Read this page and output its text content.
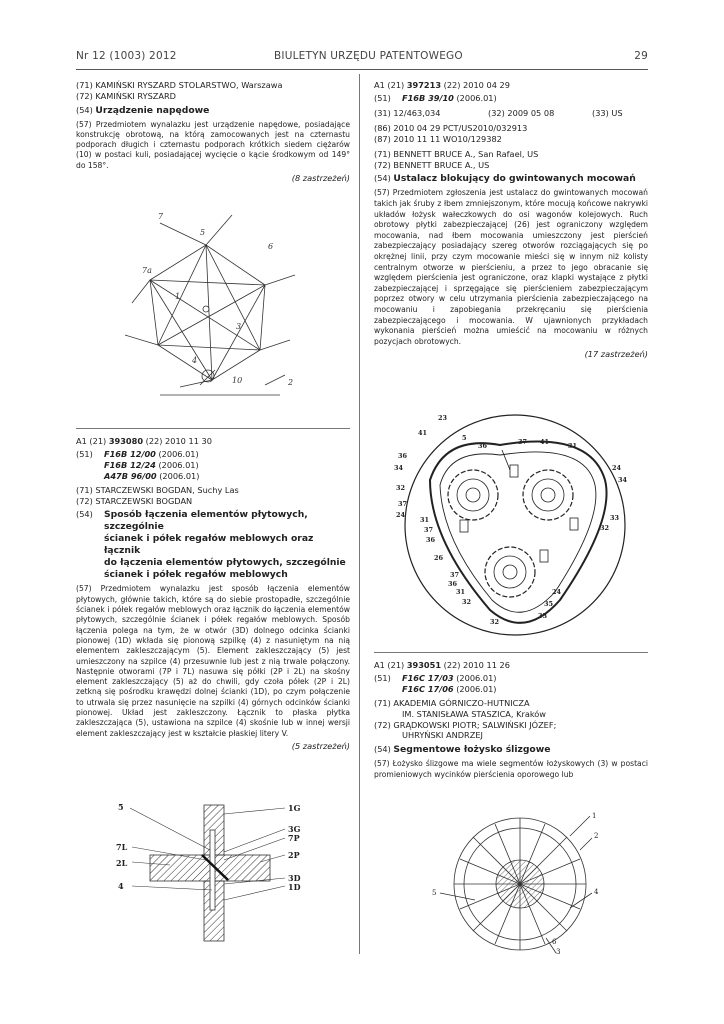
Nr 12 (1003) 2012	BIULETYN URZĘDU PATENTOWEGO	29
(71) KAMIŃSKI RYSZARD STOLARSTWO, Warszawa
(72) KAMIŃSKI RYSZARD
(54) Urządzenie napędowe
(57) Przedmiotem wynalazku jest urządzenie napędowe, posiadające konstrukcję obrotową, na którą zamocowanych jest na czternastu podporach długich i czternastu podporach krótkich siedem ciężarów (10) w postaci kuli, posiadającej wycięcie o kącie środkowym od 149° do 158°.
(8 zastrzeżeń)
7
7a
5
6
1
3
4
10	2
A1 (21) 393080 (22) 2010 11 30
(51) F16B 12/00 (2006.01)
F16B 12/24 (2006.01)
A47B 96/00 (2006.01)
(71) STARCZEWSKI BOGDAN, Suchy Las
(72) STARCZEWSKI BOGDAN
(54) Sposób łączenia elementów płytowych, szczególnie
ścianek i półek regałów meblowych oraz łącznik
do łączenia elementów płytowych, szczególnie
ścianek i półek regałów meblowych
(57) Przedmiotem wynalazku jest sposób łączenia elementów płytowych, głównie takich, które są do siebie prostopadłe, szczególnie ścianek i półek regałów meblowych oraz łącznik do łączenia elementów płytowych, szczególnie ścianek i półek regałów meblowych. Sposób łączenia polega na tym, że w otwór (3D) dolnego odcinka ścianki pionowej (1D) wkłada się pionową szpilkę (4) z nasuniętym na nią elementem zakleszczającym (5). Element zakleszczający (5) jest umieszczony na szpilce (4) przesuwnie lub jest z nią trwale połączony. Następnie otworami (7P i 7L) nasuwa się półki (2P i 2L) na skośny element zakleszczający (5) aż do chwili, gdy czoła półek (2P i 2L) zetkną się pośrodku krawędzi dolnej ścianki (1D), po czym połączenie to utrwala się przez nasunięcie na szpilki (4) górnych odcinków ścianki pionowej. Układ jest zakleszczony. Łącznik to płaska płytka zakleszczająca (5), ustawiona na szpilce (4) skośnie lub w innej wersji element zakleszczający jest w kształcie płaskiej litery V.
(5 zastrzeżeń)
5
7L
2L
4
1G
3G
7P
2P
3D
1D
A1 (21) 397213 (22) 2010 04 29
(51) F16B 39/10 (2006.01)
(31) 12/463,034	(32) 2009 05 08	(33) US
(86) 2010 04 29 PCT/US2010/032913
(87) 2010 11 11 WO10/129382
(71) BENNETT BRUCE A., San Rafael, US
(72) BENNETT BRUCE A., US
(54) Ustalacz blokujący do gwintowanych mocowań
(57) Przedmiotem zgłoszenia jest ustalacz do gwintowanych mocowań takich jak śruby z łbem zmniejszonym, które mocują końcowe nakrywki układów łożysk wałeczkowych do osi wagonów kolejowych. Ruch obrotowy płytki zabezpieczającej (26) jest ograniczony względem mocowania, nad łbem mocowania umieszczony jest pierścień zabezpieczający posiadający szereg otworów rozciągających się po okrężnej linii, przy czym mocowanie mieści się w innym niż kolisty centralnym otworze w pierścieniu, a przez to jego obracanie się względem pierścienia jest ograniczone, oraz klapki wystające z płytki zabezpieczającej i sprzęgające się pierścieniem zabezpieczającym poprzez otwory w celu utrzymania pierścienia zabezpieczającego na mocowaniu i zapobiegania przekręcaniu się pierścienia zabezpieczającego i mocowania. W ujawnionych przykładach wykonania pierścień można umieścić na mocowaniu w różnych pozycjach obrotowych.
(17 zastrzeżeń)
23
41
5
36	37 41	31
36
34	24
34
32
37
24
31	33
37	32
36
26
37
36
31	24
32	35
33
32
A1 (21) 393051 (22) 2010 11 26
(51) F16C 17/03 (2006.01)
F16C 17/06 (2006.01)
(71) AKADEMIA GÓRNICZO-HUTNICZA
IM. STANISŁAWA STASZICA, Kraków
(72) GRĄDKOWSKI PIOTR; SALWIŃSKI JÓZEF;
UHRYŃSKI ANDRZEJ
(54) Segmentowe łożysko ślizgowe
(57) Łożysko ślizgowe ma wiele segmentów łożyskowych (3) w postaci promieniowych wycinków pierścienia oporowego lub
1
2
5	4
6
3
